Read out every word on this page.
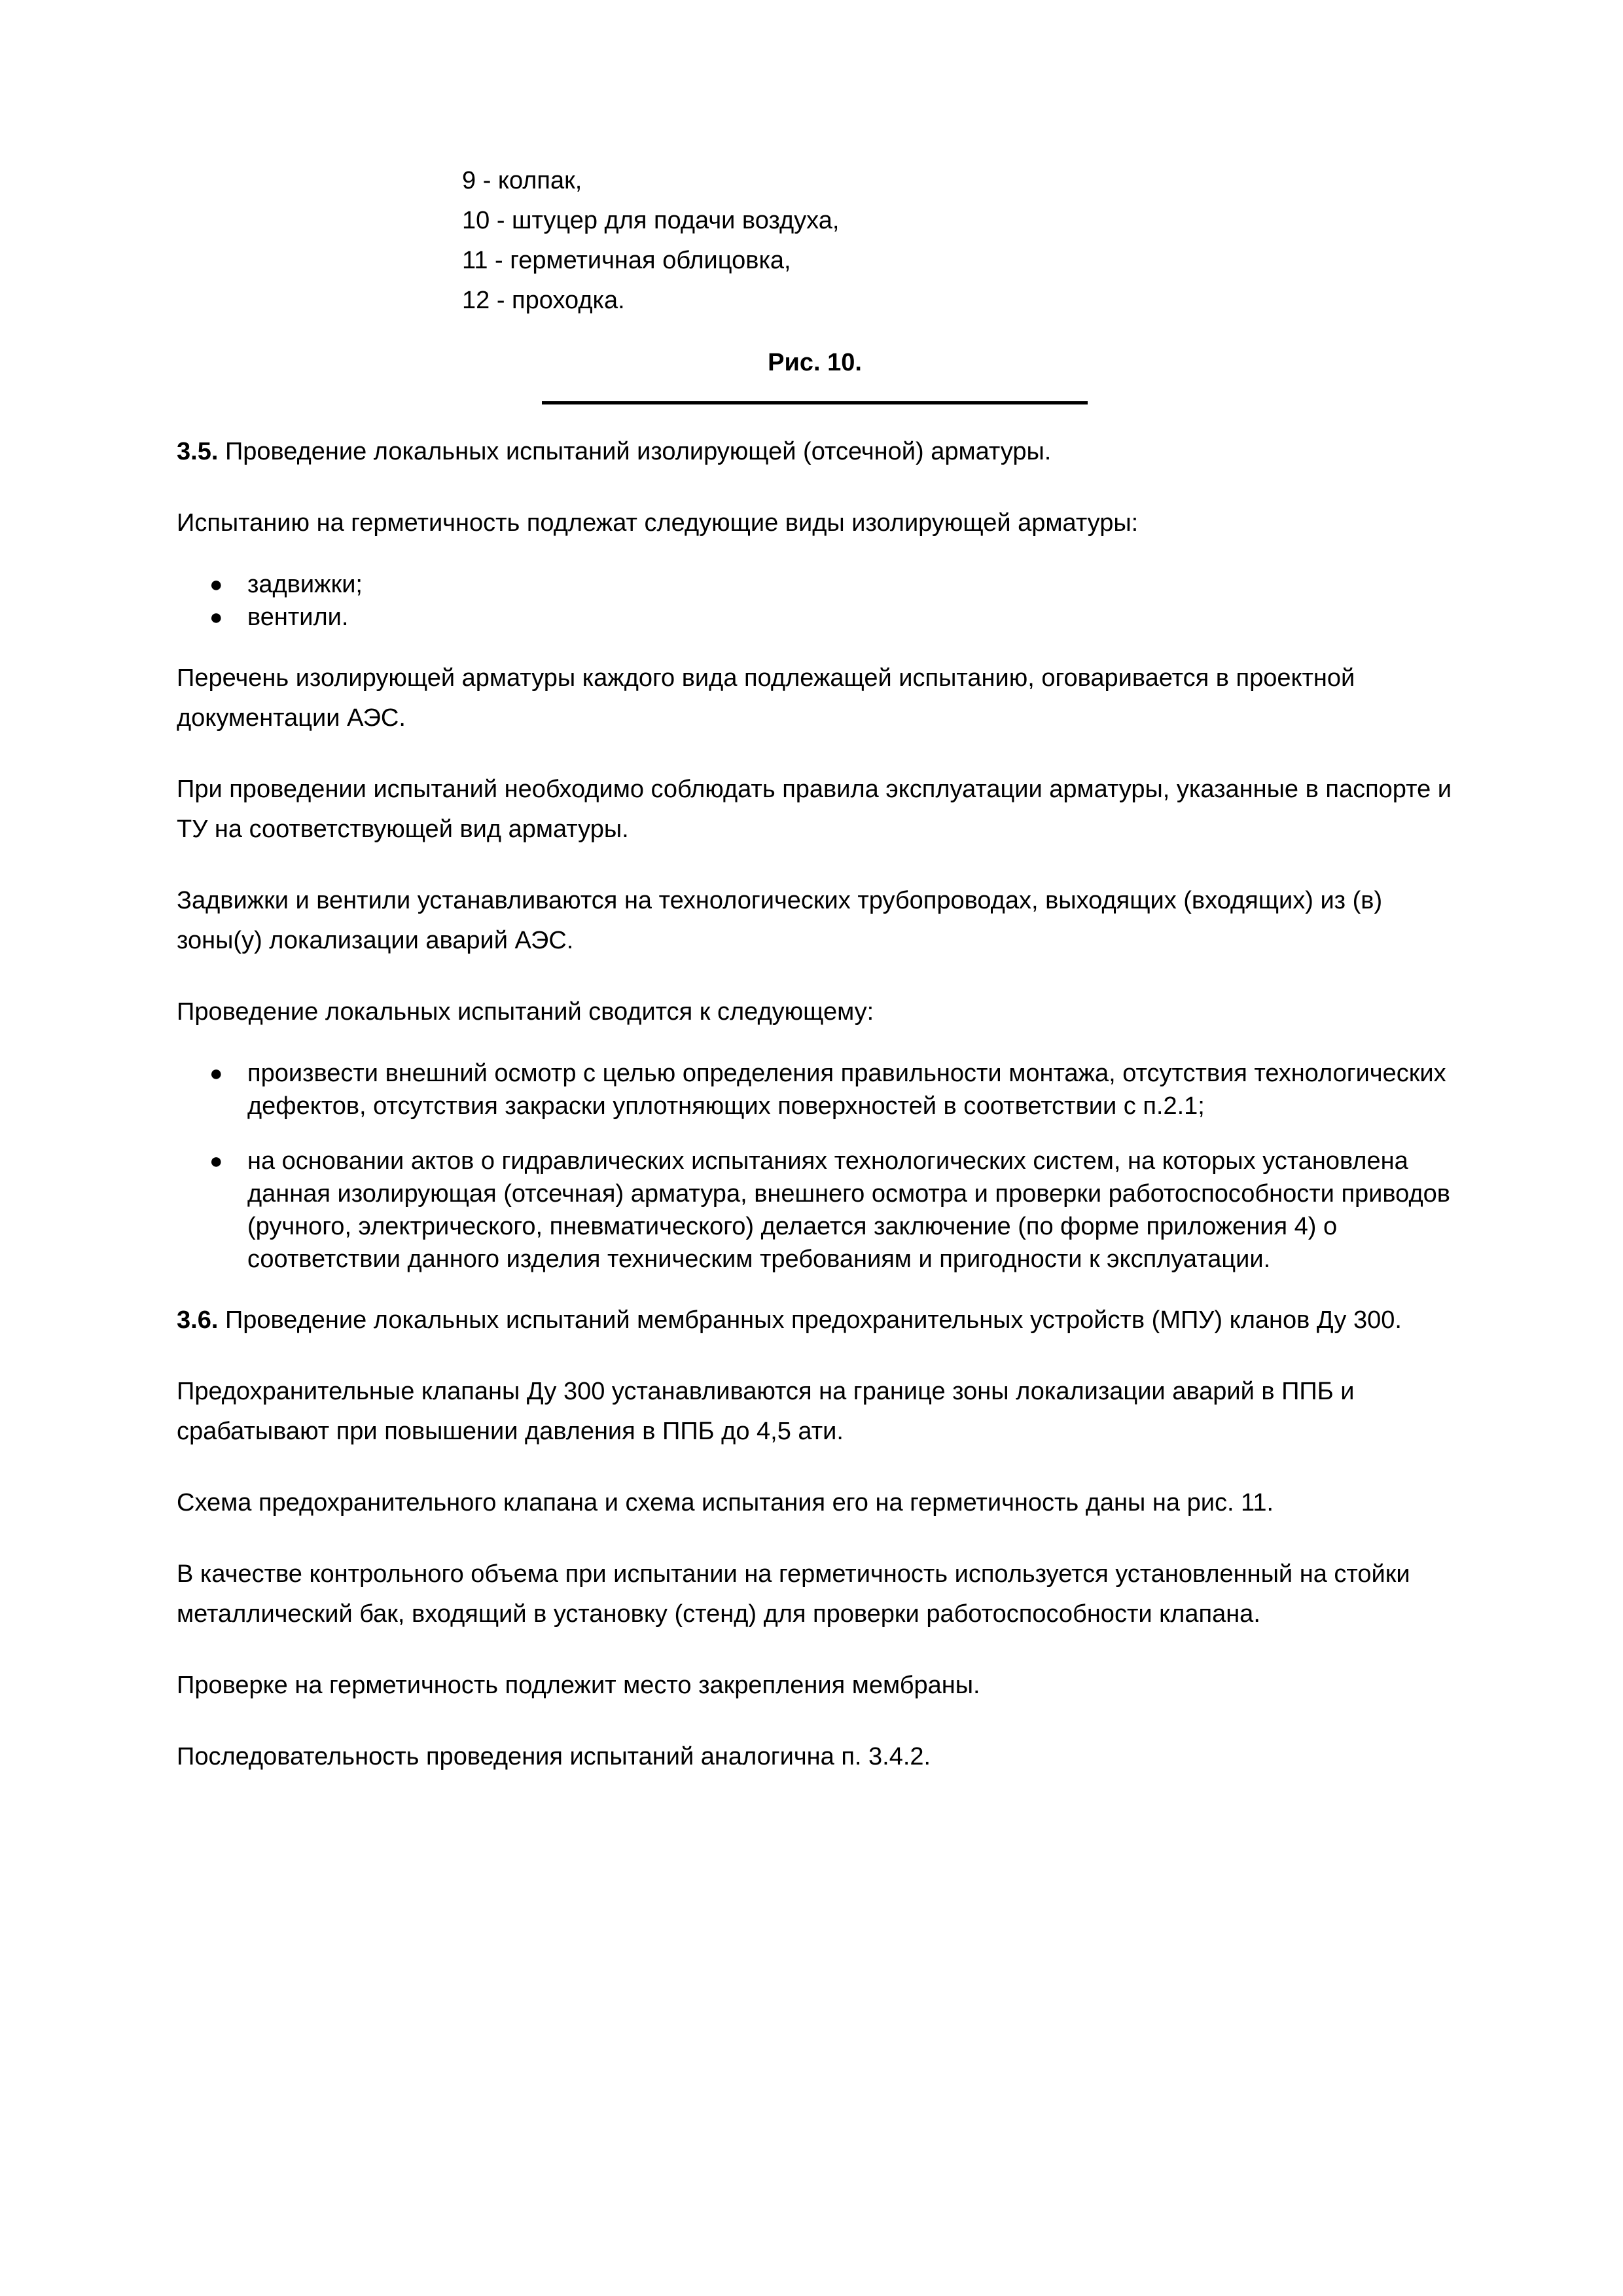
9 - колпак,
10 - штуцер для подачи воздуха,
11 - герметичная облицовка,
12 - проходка.
Рис. 10.

3.5. Проведение локальных испытаний изолирующей (отсечной) арматуры.

Испытанию на герметичность подлежат следующие виды изолирующей арматуры:

● задвижки;
● вентили.

Перечень изолирующей арматуры каждого вида подлежащей испытанию, оговаривается в проектной документации АЭС.

При проведении испытаний необходимо соблюдать правила эксплуатации арматуры, указанные в паспорте и ТУ на соответствующей вид арматуры.

Задвижки и вентили устанавливаются на технологических трубопроводах, выходящих (входящих) из (в) зоны(у) локализации аварий АЭС.

Проведение локальных испытаний сводится к следующему:

● произвести внешний осмотр с целью определения правильности монтажа, отсутствия технологических дефектов, отсутствия закраски уплотняющих поверхностей в соответствии с п.2.1;
● на основании актов о гидравлических испытаниях технологических систем, на которых установлена данная изолирующая (отсечная) арматура, внешнего осмотра и проверки работоспособности приводов (ручного, электрического, пневматического) делается заключение (по форме приложения 4) о соответствии данного изделия техническим требованиям и пригодности к эксплуатации.

3.6. Проведение локальных испытаний мембранных предохранительных устройств (МПУ) кланов Ду 300.

Предохранительные клапаны Ду 300 устанавливаются на границе зоны локализации аварий в ППБ и срабатывают при повышении давления в ППБ до 4,5 ати.

Схема предохранительного клапана и схема испытания его на герметичность даны на рис. 11.

В качестве контрольного объема при испытании на герметичность используется установленный на стойки металлический бак, входящий в установку (стенд) для проверки работоспособности клапана.

Проверке на герметичность подлежит место закрепления мембраны.

Последовательность проведения испытаний аналогична п. 3.4.2.
